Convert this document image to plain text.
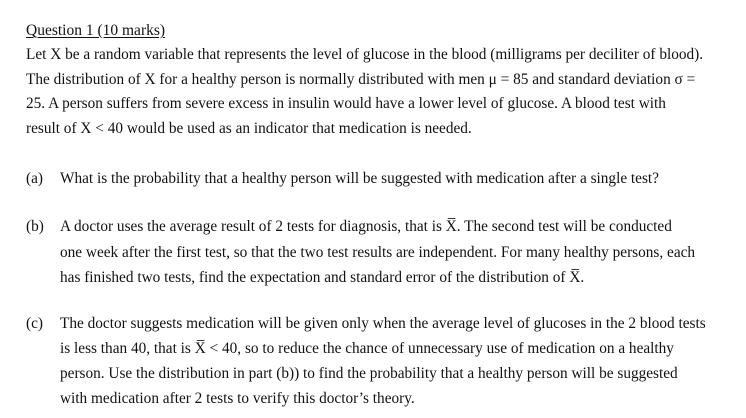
Question 1 (10 marks)
Let X be a random variable that represents the level of glucose in the blood (milligrams per deciliter of blood).
The distribution of X for a healthy person is normally distributed with men μ = 85 and standard deviation σ =
25. A person suffers from severe excess in insulin would have a lower level of glucose. A blood test with
result of X < 40 would be used as an indicator that medication is needed.
(a)	What is the probability that a healthy person will be suggested with medication after a single test?
(b)	A doctor uses the average result of 2 tests for diagnosis, that is X̅. The second test will be conducted
one week after the first test, so that the two test results are independent. For many healthy persons, each
has finished two tests, find the expectation and standard error of the distribution of X̅.
(c)	The doctor suggests medication will be given only when the average level of glucoses in the 2 blood tests
is less than 40, that is X̅ < 40, so to reduce the chance of unnecessary use of medication on a healthy
person. Use the distribution in part (b)) to find the probability that a healthy person will be suggested
with medication after 2 tests to verify this doctor’s theory.
